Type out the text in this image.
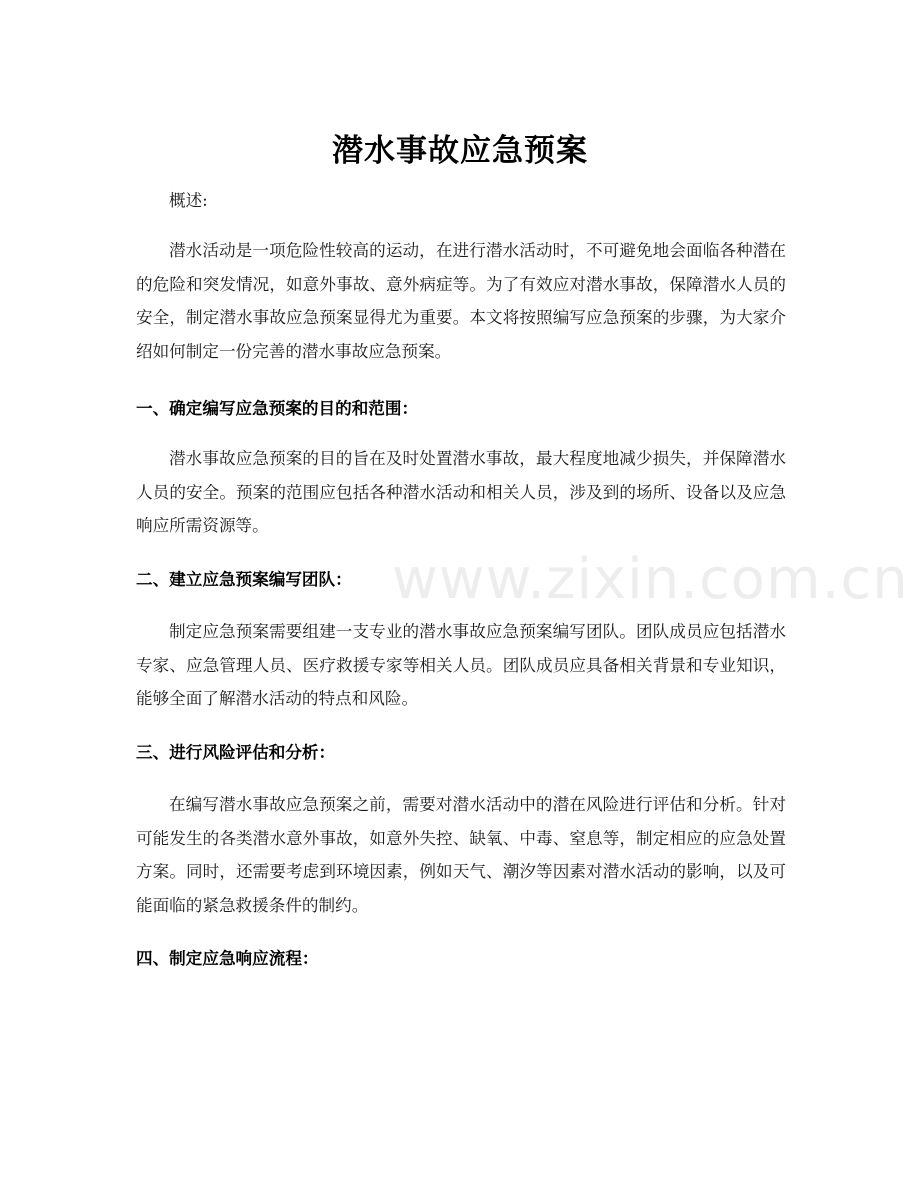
www.zixin.com.cn
潜水事故应急预案

概述:

潜水活动是一项危险性较高的运动，在进行潜水活动时，不可避免地会面临各种潜在的危险和突发情况，如意外事故、意外病症等。为了有效应对潜水事故，保障潜水人员的安全，制定潜水事故应急预案显得尤为重要。本文将按照编写应急预案的步骤，为大家介绍如何制定一份完善的潜水事故应急预案。

一、确定编写应急预案的目的和范围：

潜水事故应急预案的目的旨在及时处置潜水事故，最大程度地减少损失，并保障潜水人员的安全。预案的范围应包括各种潜水活动和相关人员，涉及到的场所、设备以及应急响应所需资源等。

二、建立应急预案编写团队：

制定应急预案需要组建一支专业的潜水事故应急预案编写团队。团队成员应包括潜水专家、应急管理人员、医疗救援专家等相关人员。团队成员应具备相关背景和专业知识，能够全面了解潜水活动的特点和风险。

三、进行风险评估和分析：

在编写潜水事故应急预案之前，需要对潜水活动中的潜在风险进行评估和分析。针对可能发生的各类潜水意外事故，如意外失控、缺氧、中毒、窒息等，制定相应的应急处置方案。同时，还需要考虑到环境因素，例如天气、潮汐等因素对潜水活动的影响，以及可能面临的紧急救援条件的制约。

四、制定应急响应流程：
